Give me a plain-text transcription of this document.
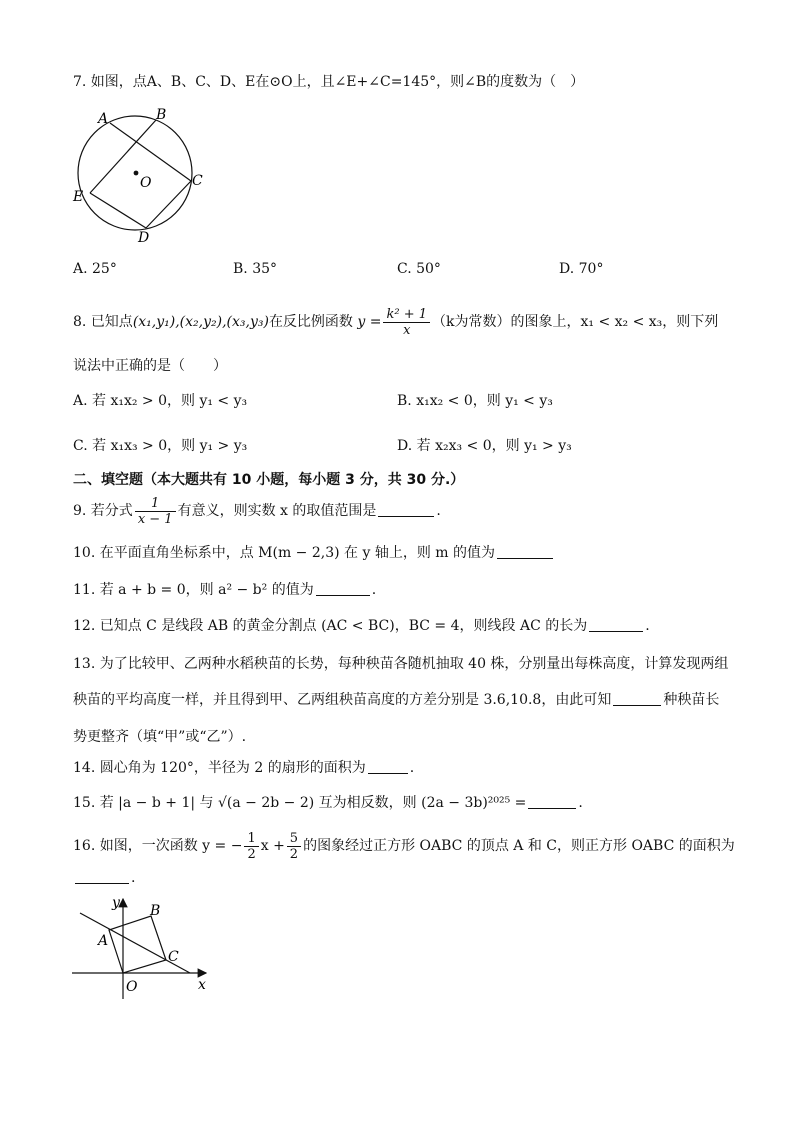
7. 如图，点A、B、C、D、E在⊙O上，且∠E+∠C=145°，则∠B的度数为（　）
A	B
C
D
E
O
A. 25°	B. 35°	C. 50°	D. 70°
8. 已知点(x₁,y₁),(x₂,y₂),(x₃,y₃)在反比例函数 $y = \frac{\text{k² + 1}}{x} (k$为常数）的图象上，x₁ < x₂ < x₃，则下列
说法中正确的是（　　）
A. 若 x₁x₂ > 0，则 y₁ < y₃	B. x₁x₂ < 0，则 y₁ < y₃
C. 若 x₁x₃ > 0，则 y₁ > y₃	D. 若 x₂x₃ < 0，则 y₁ > y₃
二、填空题（本大题共有 10 小题，每小题 3 分，共 30 分.）
9. 若分式 $\frac{1}{x - 1}$ 有意义，则实数 x 的取值范围是	.
10. 在平面直角坐标系中，点 M(m − 2,3) 在 y 轴上，则 m 的值为
11. 若 a + b = 0，则 a² − b² 的值为	.
12. 已知点 C 是线段 AB 的黄金分割点 (AC < BC)，BC = 4，则线段 AC 的长为	.
13. 为了比较甲、乙两种水稻秧苗的长势，每种秧苗各随机抽取 40 株，分别量出每株高度，计算发现两组
秧苗的平均高度一样，并且得到甲、乙两组秧苗高度的方差分别是 3.6,10.8，由此可知	种秧苗长
势更整齐（填“甲”或“乙”）.
14. 圆心角为 120°，半径为 2 的扇形的面积为	.
15. 若 |a − b + 1| 与 √(a − 2b − 2) 互为相反数，则 (2a − 3b)²⁰²⁵ =	.
16. 如图，一次函数 y = − $\frac{1}{2}$ $x + \frac{5}{2}$ 的图象经过正方形 OABC 的顶点 A 和 C，则正方形 OABC 的面积为
.
y B
A
C
O	x
